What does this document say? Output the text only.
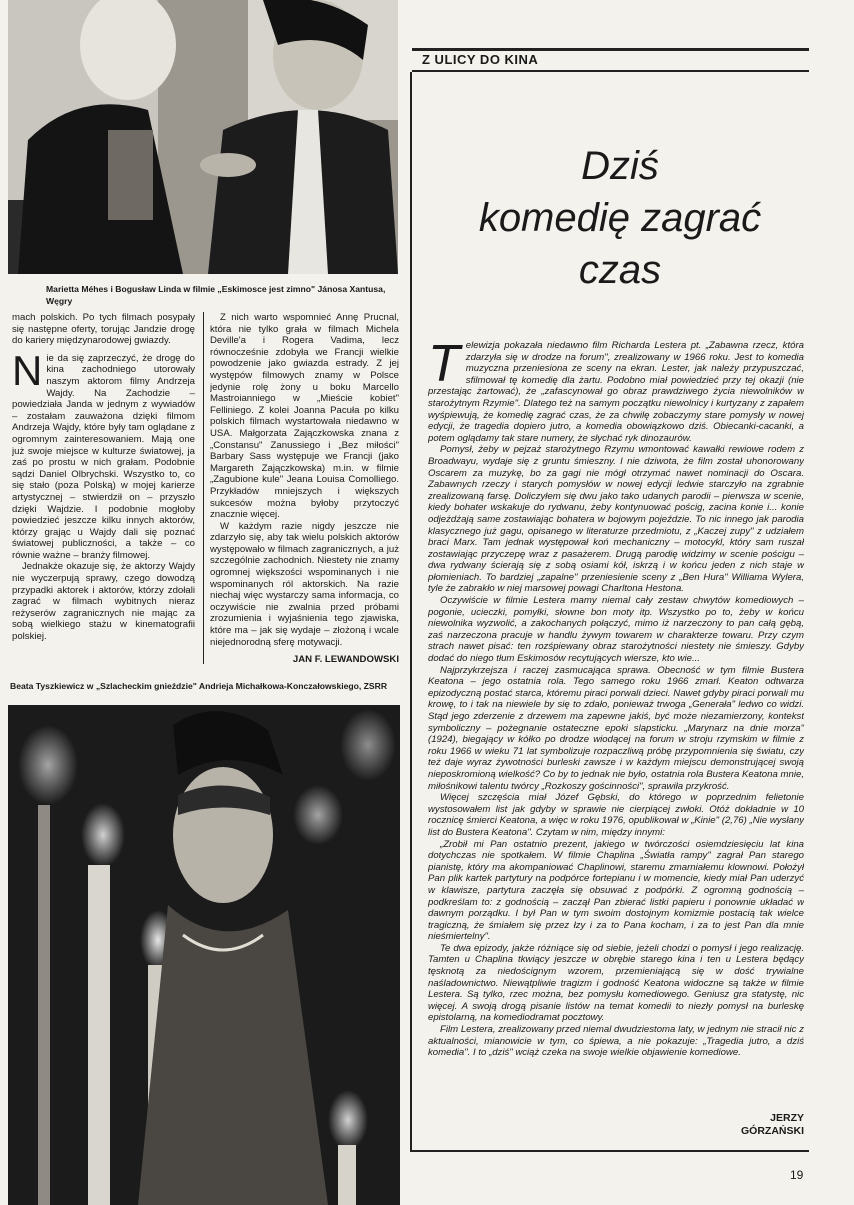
Marietta Méhes i Bogusław Linda w filmie „Eskimosce jest zimno" Jánosa Xantusa, Węgry

mach polskich. Po tych filmach posypały się następne oferty, torując Jandzie drogę do kariery międzynarodowej gwiazdy.

Nie da się zaprzeczyć, że drogę do kina zachodniego utorowały naszym aktorom filmy Andrzeja Wajdy. Na Zachodzie – powiedziała Janda w jednym z wywiadów – zostałam zauważona dzięki filmom Andrzeja Wajdy, które były tam oglądane z ogromnym zainteresowaniem. Mają one już swoje miejsce w kulturze światowej, ja zaś po prostu w nich grałam. Podobnie sądzi Daniel Olbrychski. Wszystko to, co się stało (poza Polską) w mojej karierze artystycznej – stwierdził on – przyszło dzięki Wajdzie. I podobnie mogłoby powiedzieć jeszcze kilku innych aktorów, którzy grając u Wajdy dali się poznać światowej publiczności, a także – co równie ważne – branży filmowej.

Jednakże okazuje się, że aktorzy Wajdy nie wyczerpują sprawy, czego dowodzą przypadki aktorek i aktorów, którzy zdołali zagrać w filmach wybitnych nieraz reżyserów zagranicznych nie mając za sobą wielkiego stażu w kinematografii polskiej.

Z nich warto wspomnieć Annę Prucnal, która nie tylko grała w filmach Michela Deville'a i Rogera Vadima, lecz równocześnie zdobyła we Francji wielkie powodzenie jako gwiazda estrady. Z jej występów filmowych znamy w Polsce jedynie rolę żony u boku Marcello Mastroianniego w „Mieście kobiet" Felliniego. Z kolei Joanna Pacuła po kilku polskich filmach wystartowała niedawno w USA. Małgorzata Zajączkowska znana z „Constansu" Zanussiego i „Bez miłości" Barbary Sass występuje we Francji (jako Margareth Zajączkowska) m.in. w filmie „Zagubione kule" Jeana Louisa Comolliego. Przykładów mniejszych i większych sukcesów można byłoby przytoczyć znacznie więcej.

W każdym razie nigdy jeszcze nie zdarzyło się, aby tak wielu polskich aktorów występowało w filmach zagranicznych, a już szczególnie zachodnich. Niestety nie znamy ogromnej większości wspominanych i nie wspominanych ról aktorskich. Na razie niechaj więc wystarczy sama informacja, co oczywiście nie zwalnia przed próbami zrozumienia i wyjaśnienia tego zjawiska, które ma – jak się wydaje – złożoną i wcale niejednorodną sferę motywacji.

JAN F. LEWANDOWSKI
Beata Tyszkiewicz w „Szlacheckim gnieździe" Andrieja Michałkowa-Konczałowskiego, ZSRR
Z ULICY DO KINA
Dziś
komedię zagrać
czas

Telewizja pokazała niedawno film Richarda Lestera pt. „Zabawna rzecz, która zdarzyła się w drodze na forum", zrealizowany w 1966 roku. Jest to komedia muzyczna przeniesiona ze sceny na ekran. Lester, jak należy przypuszczać, sfilmował tę komedię dla żartu. Podobno miał powiedzieć przy tej okazji (nie przestając żartować), że „zafascynował go obraz prawdziwego życia niewolników w starożytnym Rzymie". Dlatego też na samym początku niewolnicy i kurtyzany z zapałem wyśpiewują, że komedię zagrać czas, że za chwilę zobaczymy stare pomysły w nowej edycji, że tragedia dopiero jutro, a komedia obowiązkowo dziś. Obiecanki-cacanki, a potem oglądamy tak stare numery, że słychać ryk dinozaurów.

Pomysł, żeby w pejzaż starożytnego Rzymu wmontować kawałki rewiowe rodem z Broadwayu, wydaje się z gruntu śmieszny. I nie dziwota, że film został uhonorowany Oscarem za muzykę, bo za gagi nie mógł otrzymać nawet nominacji do Oscara. Zabawnych rzeczy i starych pomysłów w nowej edycji ledwie starczyło na zgrabnie zrealizowaną farsę. Doliczyłem się dwu jako tako udanych parodii – pierwsza w scenie, kiedy bohater wskakuje do rydwanu, żeby kontynuować pościg, zacina konie i... konie odjeżdżają same zostawiając bohatera w bojowym pojeździe. To nic innego jak parodia klasycznego już gagu, opisanego w literaturze przedmiotu, z „Kaczej zupy" z udziałem braci Marx. Tam jednak występował koń mechaniczny – motocykl, który sam ruszał zostawiając przyczepę wraz z pasażerem. Drugą parodię widzimy w scenie pościgu – dwa rydwany ścierają się z sobą osiami kół, iskrzą i w końcu jeden z nich staje w płomieniach. To bardziej „zapalne" przeniesienie sceny z „Ben Hura" Williama Wylera, tyle że zabrakło w niej marsowej powagi Charltona Hestona.

Oczywiście w filmie Lestera mamy niemal cały zestaw chwytów komediowych – pogonie, ucieczki, pomyłki, słowne bon moty itp. Wszystko po to, żeby w końcu niewolnika wyzwolić, a zakochanych połączyć, mimo iż narzeczony to pan całą gębą, zaś narzeczona pracuje w handlu żywym towarem w charakterze towaru. Przy czym strach nawet pisać: ten rozśpiewany obraz starożytności niestety nie śmieszy. Gdyby dodać do niego tłum Eskimosów recytujących wiersze, kto wie...

Najprzykrzejsza i raczej zasmucająca sprawa. Obecność w tym filmie Bustera Keatona – jego ostatnia rola. Tego samego roku 1966 zmarł. Keaton odtwarza epizodyczną postać starca, któremu piraci porwali dzieci. Nawet gdyby piraci porwali mu krowę, to i tak na niewiele by się to zdało, ponieważ trwoga „Generała" ledwo co widzi. Stąd jego zderzenie z drzewem ma zapewne jakiś, być może niezamierzony, kontekst symboliczny – pożegnanie ostateczne epoki slapsticku. „Marynarz na dnie morza" (1924), biegający w kółko po drodze wiodącej na forum w stroju rzymskim w filmie z roku 1966 w wieku 71 lat symbolizuje rozpaczliwą próbę przypomnienia się światu, czy też daje wyraz żywotności burleski zawsze i w każdym miejscu demonstrującej swoją nieposkromioną wielkość? Co by to jednak nie było, ostatnia rola Bustera Keatona mnie, miłośnikowi talentu twórcy „Rozkoszy gościnności", sprawiła przykrość.

Więcej szczęścia miał Józef Gębski, do którego w poprzednim felietonie wystosowałem list jak gdyby w sprawie nie cierpiącej zwłoki. Otóż dokładnie w 10 rocznicę śmierci Keatona, a więc w roku 1976, opublikował w „Kinie" (2,76) „Nie wysłany list do Bustera Keatona". Czytam w nim, między innymi:

„Zrobił mi Pan ostatnio prezent, jakiego w twórczości osiemdziesięciu lat kina dotychczas nie spotkałem. W filmie Chaplina „Światła rampy" zagrał Pan starego pianistę, który ma akompaniować Chaplinowi, staremu zmarniałemu klownowi. Położył Pan plik kartek partytury na podpórce fortepianu i w momencie, kiedy miał Pan uderzyć w klawisze, partytura zaczęła się obsuwać z podpórki. Z ogromną godnością – podkreślam to: z godnością – zaczął Pan zbierać listki papieru i ponownie układać w dawnym porządku. I był Pan w tym swoim dostojnym komizmie postacią tak wielce tragiczną, że śmiałem się przez łzy i za to Pana kocham, i za to jest Pan dla mnie nieśmiertelny".

Te dwa epizody, jakże różniące się od siebie, jeżeli chodzi o pomysł i jego realizację. Tamten u Chaplina tkwiący jeszcze w obrębie starego kina i ten u Lestera będący tęsknotą za niedoścignym wzorem, przemieniającą się w dość trywialne naśladownictwo. Niewątpliwie tragizm i godność Keatona widoczne są także w filmie Lestera. Są tylko, rzec można, bez pomysłu komediowego. Geniusz gra statystę, nic więcej. A swoją drogą pisanie listów na temat komedii to niezły pomysł na burleskę epistolarną, na komediodramat pocztowy.

Film Lestera, zrealizowany przed niemal dwudziestoma laty, w jednym nie stracił nic z aktualności, mianowicie w tym, co śpiewa, a nie pokazuje: „Tragedia jutro, a dziś komedia". I to „dziś" wciąż czeka na swoje wielkie objawienie komediowe.

JERZY
GÓRZAŃSKI
19
